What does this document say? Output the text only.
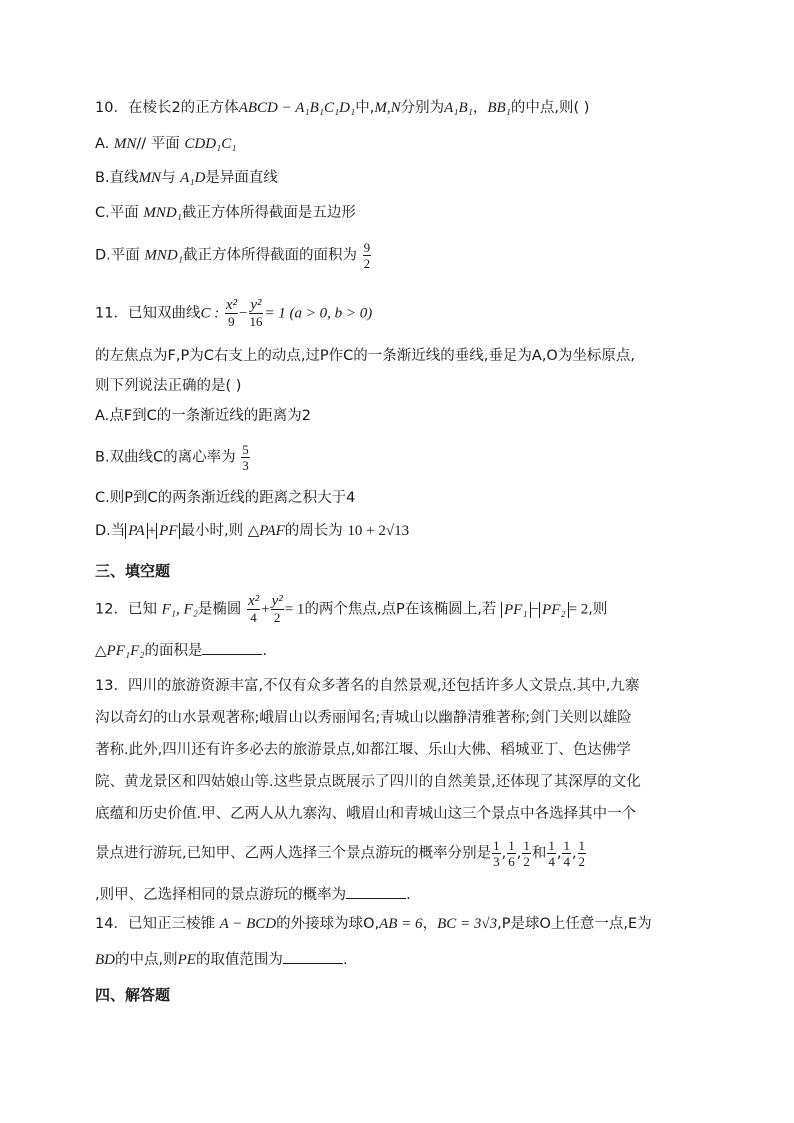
10．在棱长2的正方体ABCD − A₁B₁C₁D₁中,M,N分别为A₁B₁，BB₁的中点,则( )
A. MN// 平面 CDD₁C₁
B.直线MN与 A₁D是异面直线
C.平面 MND₁截正方体所得截面是五边形
D.平面 MND₁截正方体所得截面的面积为 $\frac{9}{2}$
11．已知双曲线C : $\frac{\text{x²}}{9} - \frac{\text{y²}}{16} = 1$ (a > 0, b > 0)
的左焦点为F,P为C右支上的动点,过P作C的一条渐近线的垂线,垂足为A,O为坐标原点,
则下列说法正确的是( )
A.点F到C的一条渐近线的距离为2
B.双曲线C的离心率为 $\frac{5}{3}$
C.则P到C的两条渐近线的距离之积大于4
D.当 PA + PF 最小时,则 △PAF的周长为 10 + 2√13
三、填空题
12．已知 F₁, F₂是椭圆 $\frac{\text{x²}}{4} + \frac{\text{y²}}{2} = 1$的两个焦点,点P在该椭圆上,若 PF₁ − PF₂ = 2,则
△PF₁F₂的面积是	.
13．四川的旅游资源丰富,不仅有众多著名的自然景观,还包括许多人文景点.其中,九寨
沟以奇幻的山水景观著称;峨眉山以秀丽闻名;青城山以幽静清雅著称;剑门关则以雄险
著称.此外,四川还有许多必去的旅游景点,如都江堰、乐山大佛、稻城亚丁、色达佛学
院、黄龙景区和四姑娘山等.这些景点既展示了四川的自然美景,还体现了其深厚的文化
底蕴和历史价值.甲、乙两人从九寨沟、峨眉山和青城山这三个景点中各选择其中一个
景点进行游玩,已知甲、乙两人选择三个景点游玩的概率分别是 $\frac{1}{3}$ , $\frac{1}{6}$ , $\frac{1}{2}$ 和 $\frac{1}{4}$ , $\frac{1}{4}$ , $\frac{1}{2}$
,则甲、乙选择相同的景点游玩的概率为	.
14．已知正三棱锥 A − BCD的外接球为球O,AB = 6，BC = 3√3,P是球O上任意一点,E为
BD的中点,则PE的取值范围为	.
四、解答题
